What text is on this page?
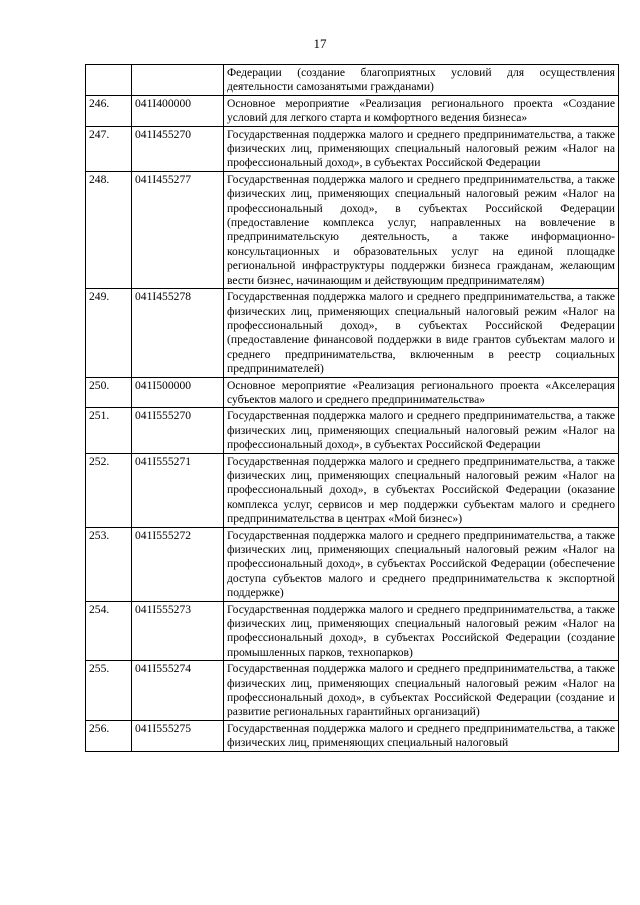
17
		Федерации (создание благоприятных условий для осуществления деятельности самозанятыми гражданами)
246.	041I400000	Основное мероприятие «Реализация регионального проекта «Создание условий для легкого старта и комфортного ведения бизнеса»
247.	041I455270	Государственная поддержка малого и среднего предпринимательства, а также физических лиц, применяющих специальный налоговый режим «Налог на профессиональный доход», в субъектах Российской Федерации
248.	041I455277	Государственная поддержка малого и среднего предпринимательства, а также физических лиц, применяющих специальный налоговый режим «Налог на профессиональный доход», в субъектах Российской Федерации (предоставление комплекса услуг, направленных на вовлечение в предпринимательскую деятельность, а также информационно-консультационных и образовательных услуг на единой площадке региональной инфраструктуры поддержки бизнеса гражданам, желающим вести бизнес, начинающим и действующим предпринимателям)
249.	041I455278	Государственная поддержка малого и среднего предпринимательства, а также физических лиц, применяющих специальный налоговый режим «Налог на профессиональный доход», в субъектах Российской Федерации (предоставление финансовой поддержки в виде грантов субъектам малого и среднего предпринимательства, включенным в реестр социальных предпринимателей)
250.	041I500000	Основное мероприятие «Реализация регионального проекта «Акселерация субъектов малого и среднего предпринимательства»
251.	041I555270	Государственная поддержка малого и среднего предпринимательства, а также физических лиц, применяющих специальный налоговый режим «Налог на профессиональный доход», в субъектах Российской Федерации
252.	041I555271	Государственная поддержка малого и среднего предпринимательства, а также физических лиц, применяющих специальный налоговый режим «Налог на профессиональный доход», в субъектах Российской Федерации (оказание комплекса услуг, сервисов и мер поддержки субъектам малого и среднего предпринимательства в центрах «Мой бизнес»)
253.	041I555272	Государственная поддержка малого и среднего предпринимательства, а также физических лиц, применяющих специальный налоговый режим «Налог на профессиональный доход», в субъектах Российской Федерации (обеспечение доступа субъектов малого и среднего предпринимательства к экспортной поддержке)
254.	041I555273	Государственная поддержка малого и среднего предпринимательства, а также физических лиц, применяющих специальный налоговый режим «Налог на профессиональный доход», в субъектах Российской Федерации (создание промышленных парков, технопарков)
255.	041I555274	Государственная поддержка малого и среднего предпринимательства, а также физических лиц, применяющих специальный налоговый режим «Налог на профессиональный доход», в субъектах Российской Федерации (создание и развитие региональных гарантийных организаций)
256.	041I555275	Государственная поддержка малого и среднего предпринимательства, а также физических лиц, применяющих специальный налоговый
